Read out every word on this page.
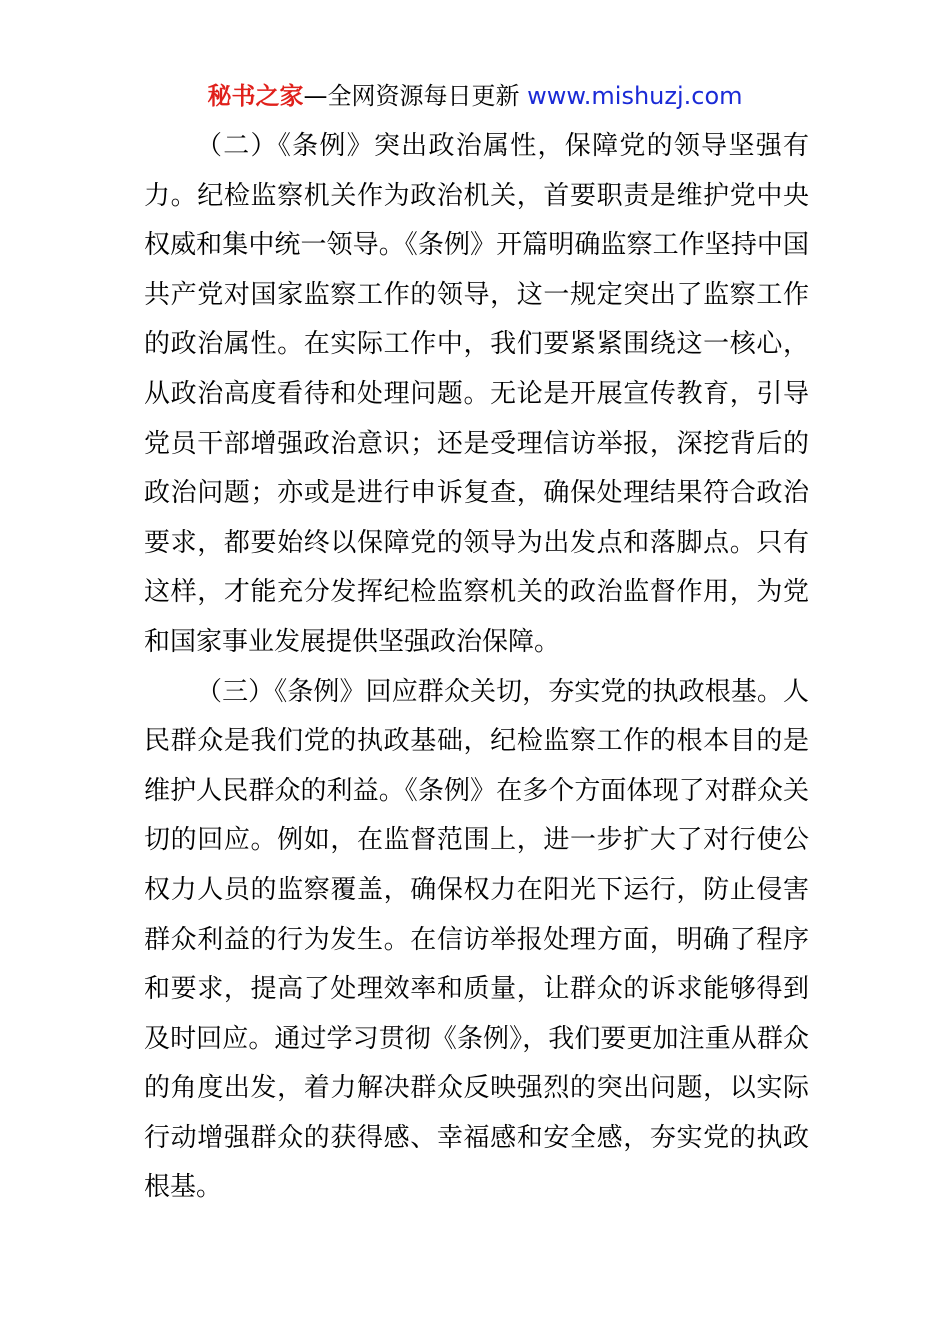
秘书之家—全网资源每日更新 www.mishuzj.com

（二）《条例》突出政治属性，保障党的领导坚强有力。纪检监察机关作为政治机关，首要职责是维护党中央权威和集中统一领导。《条例》开篇明确监察工作坚持中国共产党对国家监察工作的领导，这一规定突出了监察工作的政治属性。在实际工作中，我们要紧紧围绕这一核心，从政治高度看待和处理问题。无论是开展宣传教育，引导党员干部增强政治意识；还是受理信访举报，深挖背后的政治问题；亦或是进行申诉复查，确保处理结果符合政治要求，都要始终以保障党的领导为出发点和落脚点。只有这样，才能充分发挥纪检监察机关的政治监督作用，为党和国家事业发展提供坚强政治保障。

（三）《条例》回应群众关切，夯实党的执政根基。人民群众是我们党的执政基础，纪检监察工作的根本目的是维护人民群众的利益。《条例》在多个方面体现了对群众关切的回应。例如，在监督范围上，进一步扩大了对行使公权力人员的监察覆盖，确保权力在阳光下运行，防止侵害群众利益的行为发生。在信访举报处理方面，明确了程序和要求，提高了处理效率和质量，让群众的诉求能够得到及时回应。通过学习贯彻《条例》，我们要更加注重从群众的角度出发，着力解决群众反映强烈的突出问题，以实际行动增强群众的获得感、幸福感和安全感，夯实党的执政根基。
